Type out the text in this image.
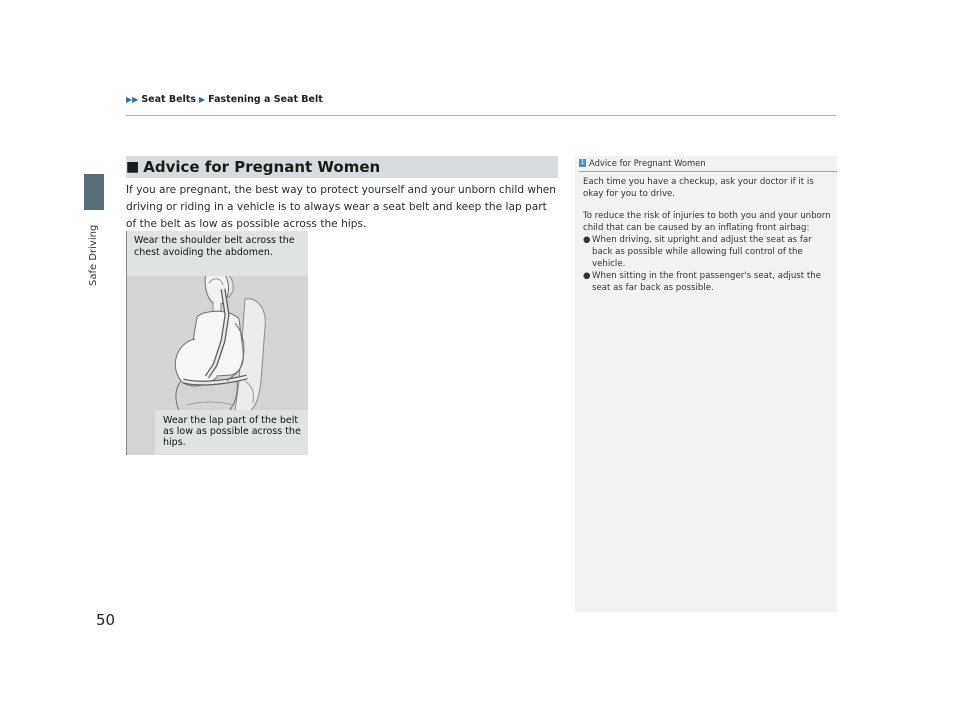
▶▶ Seat Belts ▶ Fastening a Seat Belt
Safe Driving
■ Advice for Pregnant Women
If you are pregnant, the best way to protect yourself and your unborn child when driving or riding in a vehicle is to always wear a seat belt and keep the lap part of the belt as low as possible across the hips.
Wear the shoulder belt across the chest avoiding the abdomen.
Wear the lap part of the belt as low as possible across the hips.
1 Advice for Pregnant Women

Each time you have a checkup, ask your doctor if it is okay for you to drive.

To reduce the risk of injuries to both you and your unborn child that can be caused by an inflating front airbag:

● When driving, sit upright and adjust the seat as far back as possible while allowing full control of the vehicle.
● When sitting in the front passenger's seat, adjust the seat as far back as possible.
50
